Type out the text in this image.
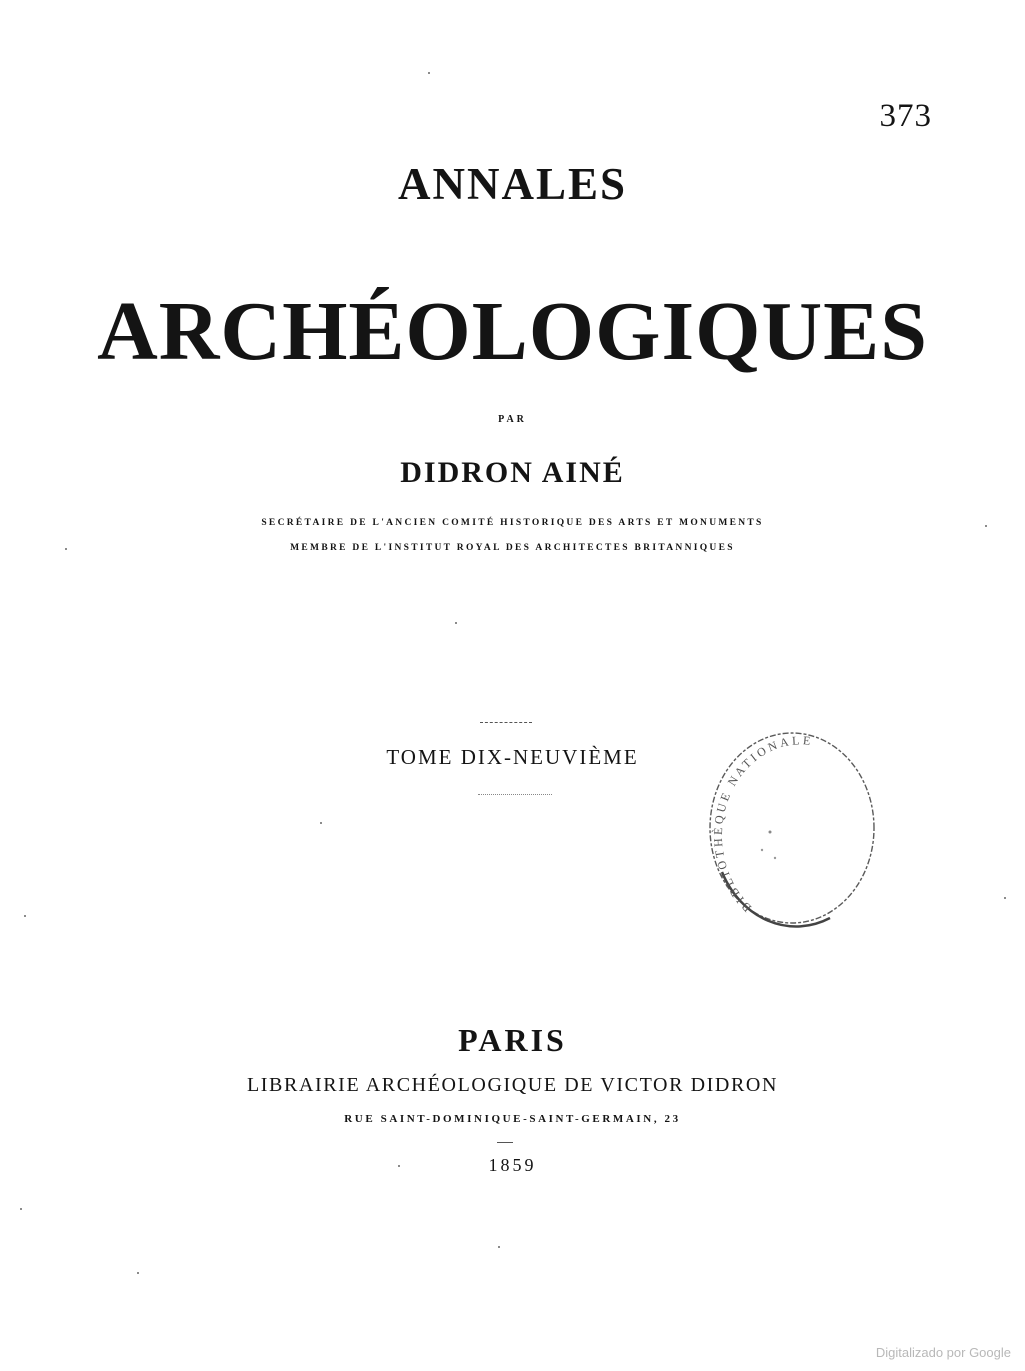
373
ANNALES
ARCHÉOLOGIQUES
PAR
DIDRON AINÉ
SECRÉTAIRE DE L'ANCIEN COMITÉ HISTORIQUE DES ARTS ET MONUMENTS
MEMBRE DE L'INSTITUT ROYAL DES ARCHITECTES BRITANNIQUES
TOME DIX-NEUVIÈME
BIBLIOTHÈQUE NATIONALE
PARIS
LIBRAIRIE ARCHÉOLOGIQUE DE VICTOR DIDRON
RUE SAINT-DOMINIQUE-SAINT-GERMAIN, 23
1859
Digitalizado por Google
